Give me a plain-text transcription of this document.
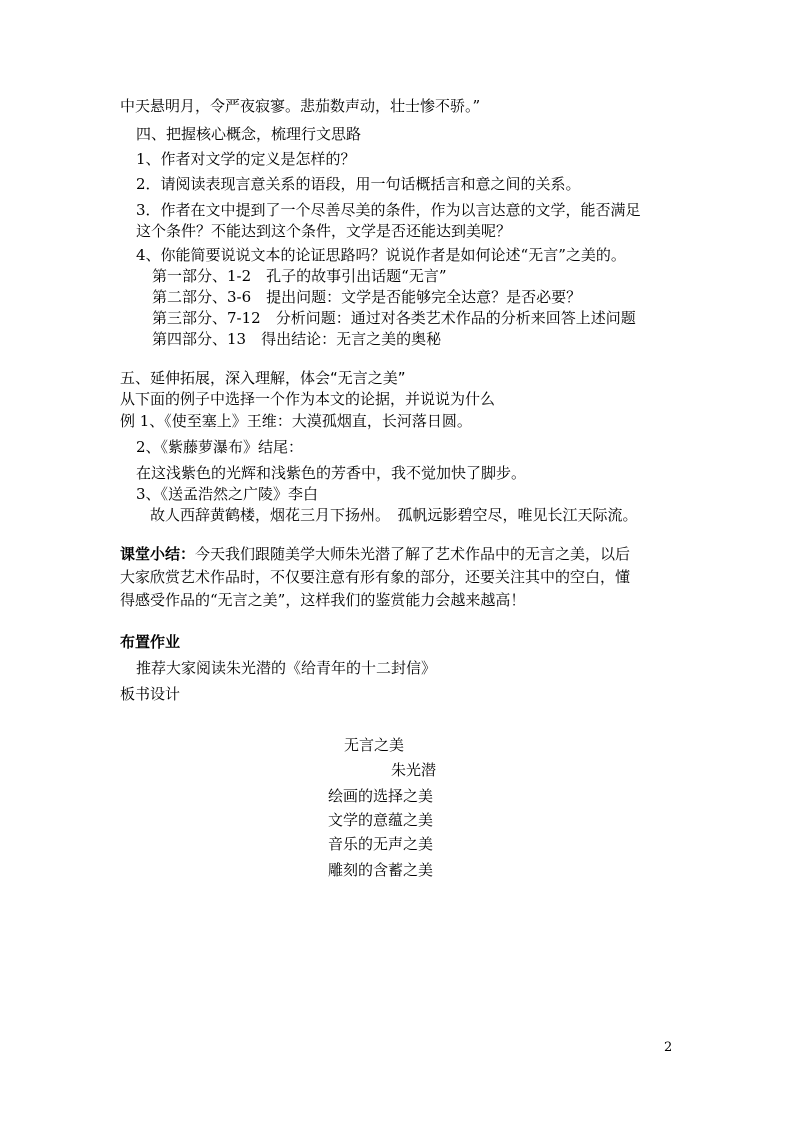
中天悬明月，令严夜寂寥。悲茄数声动，壮士惨不骄。”
四、把握核心概念，梳理行文思路
1、作者对文学的定义是怎样的？
2．请阅读表现言意关系的语段，用一句话概括言和意之间的关系。
3．作者在文中提到了一个尽善尽美的条件，作为以言达意的文学，能否满足
这个条件？不能达到这个条件，文学是否还能达到美呢？
4、你能简要说说文本的论证思路吗？说说作者是如何论述“无言”之美的。
第一部分、1-2　孔子的故事引出话题“无言”
第二部分、3-6　提出问题：文学是否能够完全达意？是否必要？
第三部分、7-12　分析问题：通过对各类艺术作品的分析来回答上述问题
第四部分、13　得出结论：无言之美的奥秘
五、延伸拓展，深入理解，体会“无言之美”
从下面的例子中选择一个作为本文的论据，并说说为什么
例 1、《使至塞上》王维：大漠孤烟直，长河落日圆。
2、《紫藤萝瀑布》结尾：
在这浅紫色的光辉和浅紫色的芳香中，我不觉加快了脚步。
3、《送孟浩然之广陵》李白
故人西辞黄鹤楼，烟花三月下扬州。　孤帆远影碧空尽，唯见长江天际流。
课堂小结：今天我们跟随美学大师朱光潜了解了艺术作品中的无言之美，以后
大家欣赏艺术作品时，不仅要注意有形有象的部分，还要关注其中的空白，懂
得感受作品的“无言之美”，这样我们的鉴赏能力会越来越高！
布置作业
推荐大家阅读朱光潜的《给青年的十二封信》
板书设计
无言之美
朱光潜
绘画的选择之美
文学的意蕴之美
音乐的无声之美
雕刻的含蓄之美
2
